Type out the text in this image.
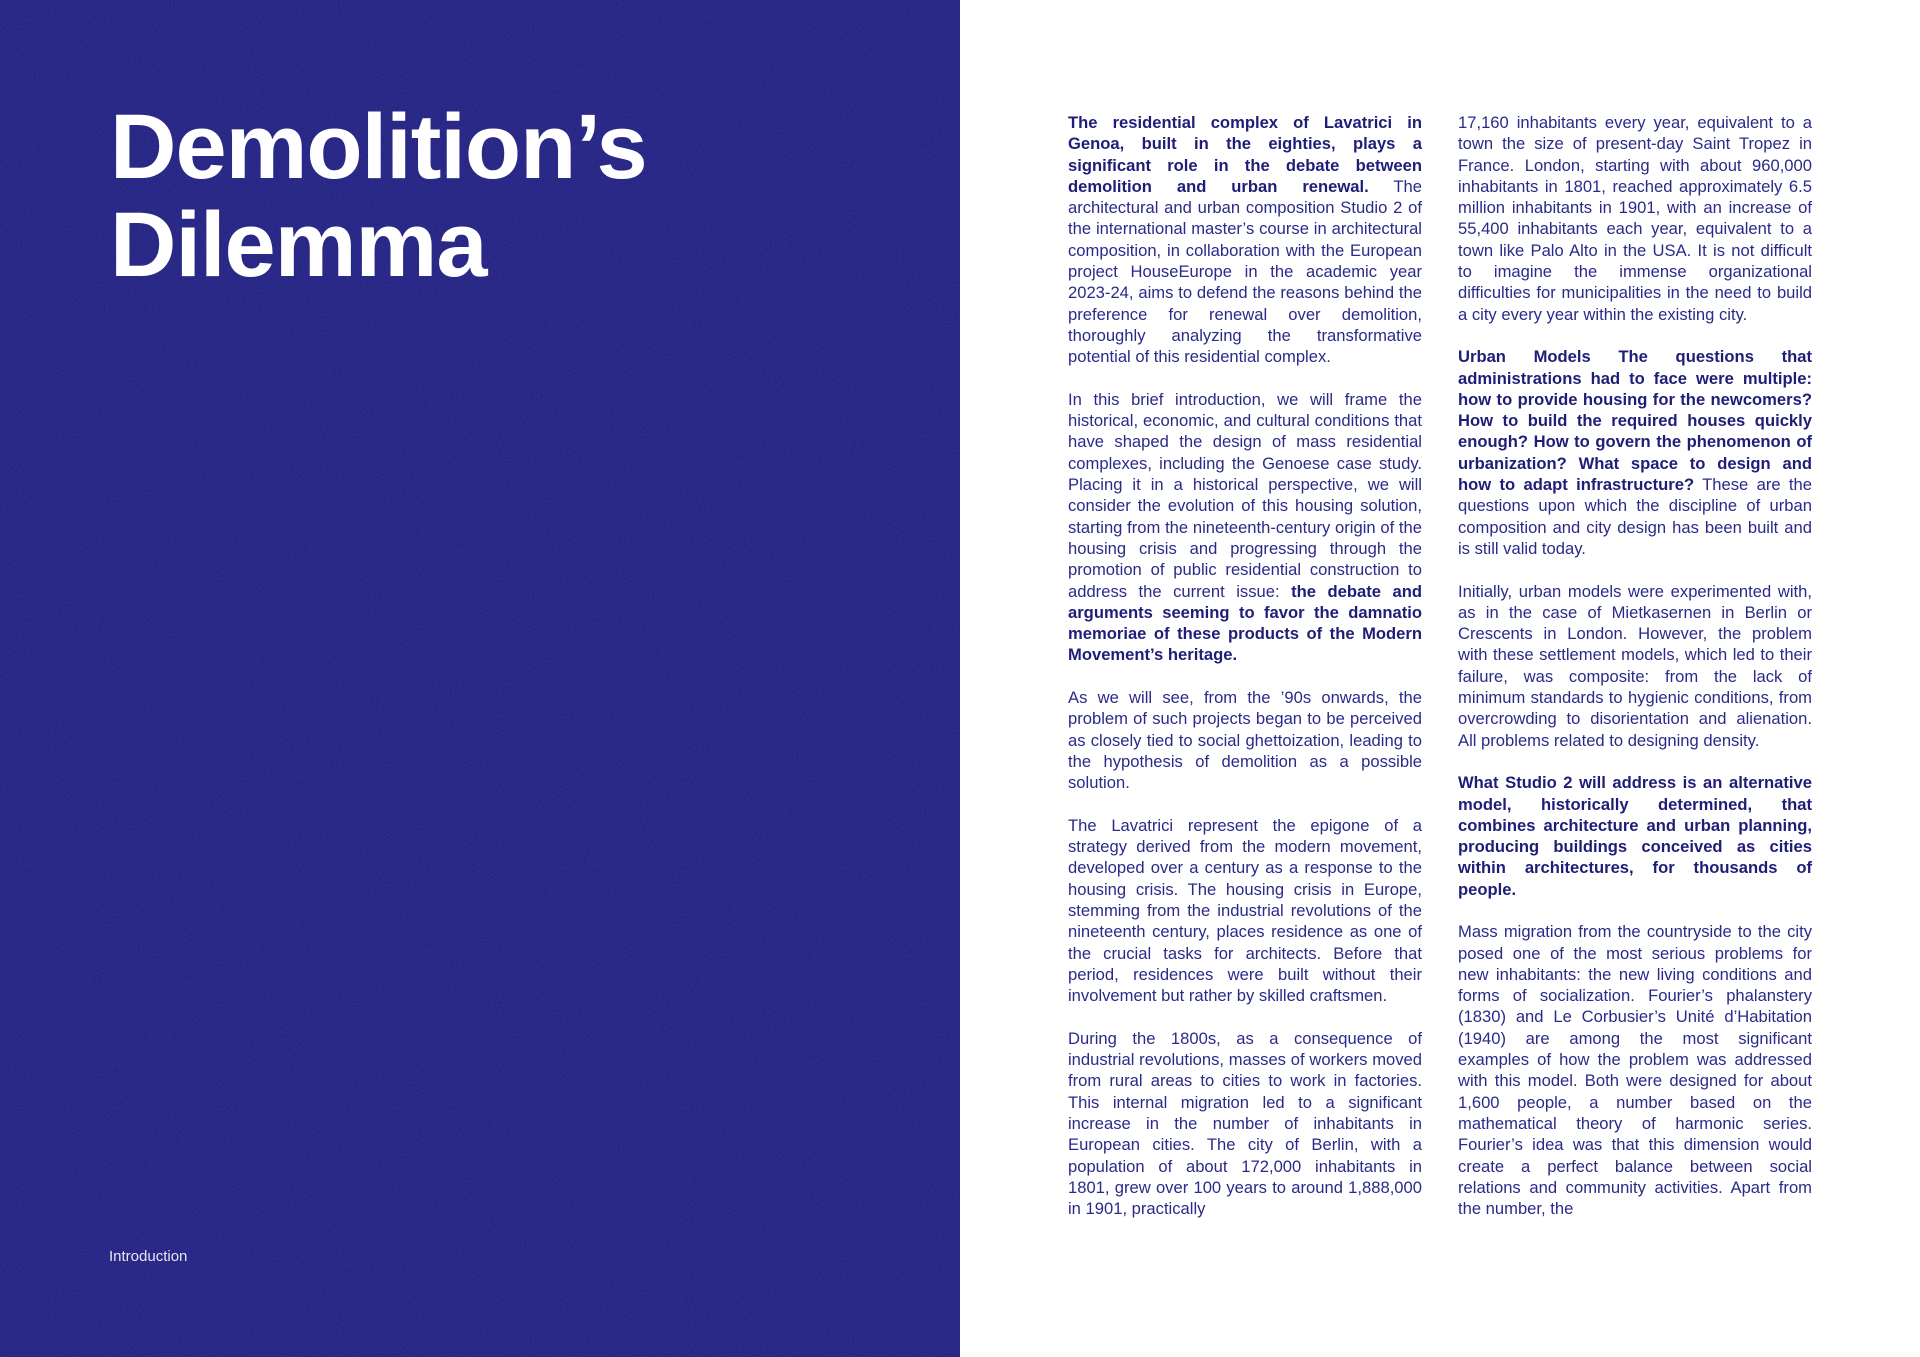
Demolition’s
Dilemma
Introduction

The residential complex of Lavatrici in Genoa, built in the eighties, plays a significant role in the debate between demolition and urban renewal. The architectural and urban composition Studio 2 of the international master’s course in architectural composition, in collaboration with the European project HouseEurope in the academic year 2023-24, aims to defend the reasons behind the preference for renewal over demolition, thoroughly analyzing the transformative potential of this residential complex.

In this brief introduction, we will frame the historical, economic, and cultural conditions that have shaped the design of mass residential complexes, including the Genoese case study. Placing it in a historical perspective, we will consider the evolution of this housing solution, starting from the nineteenth-century origin of the housing crisis and progressing through the promotion of public residential construction to address the current issue: the debate and arguments seeming to favor the damnatio memoriae of these products of the Modern Movement’s heritage.

As we will see, from the ’90s onwards, the problem of such projects began to be perceived as closely tied to social ghettoization, leading to the hypothesis of demolition as a possible solution.

The Lavatrici represent the epigone of a strategy derived from the modern movement, developed over a century as a response to the housing crisis. The housing crisis in Europe, stemming from the industrial revolutions of the nineteenth century, places residence as one of the crucial tasks for architects. Before that period, residences were built without their involvement but rather by skilled craftsmen.

During the 1800s, as a consequence of industrial revolutions, masses of workers moved from rural areas to cities to work in factories. This internal migration led to a significant increase in the number of inhabitants in European cities. The city of Berlin, with a population of about 172,000 inhabitants in 1801, grew over 100 years to around 1,888,000 in 1901, practically

17,160 inhabitants every year, equivalent to a town the size of present-day Saint Tropez in France. London, starting with about 960,000 inhabitants in 1801, reached approximately 6.5 million inhabitants in 1901, with an increase of 55,400 inhabitants each year, equivalent to a town like Palo Alto in the USA. It is not difficult to imagine the immense organizational difficulties for municipalities in the need to build a city every year within the existing city.

Urban Models The questions that administrations had to face were multiple: how to provide housing for the newcomers? How to build the required houses quickly enough? How to govern the phenomenon of urbanization? What space to design and how to adapt infrastructure? These are the questions upon which the discipline of urban composition and city design has been built and is still valid today.

Initially, urban models were experimented with, as in the case of Mietkasernen in Berlin or Crescents in London. However, the problem with these settlement models, which led to their failure, was composite: from the lack of minimum standards to hygienic conditions, from overcrowding to disorientation and alienation. All problems related to designing density.

What Studio 2 will address is an alternative model, historically determined, that combines architecture and urban planning, producing buildings conceived as cities within architectures, for thousands of people.

Mass migration from the countryside to the city posed one of the most serious problems for new inhabitants: the new living conditions and forms of socialization. Fourier’s phalanstery (1830) and Le Corbusier’s Unité d’Habitation (1940) are among the most significant examples of how the problem was addressed with this model. Both were designed for about 1,600 people, a number based on the mathematical theory of harmonic series. Fourier’s idea was that this dimension would create a perfect balance between social relations and community activities. Apart from the number, the
